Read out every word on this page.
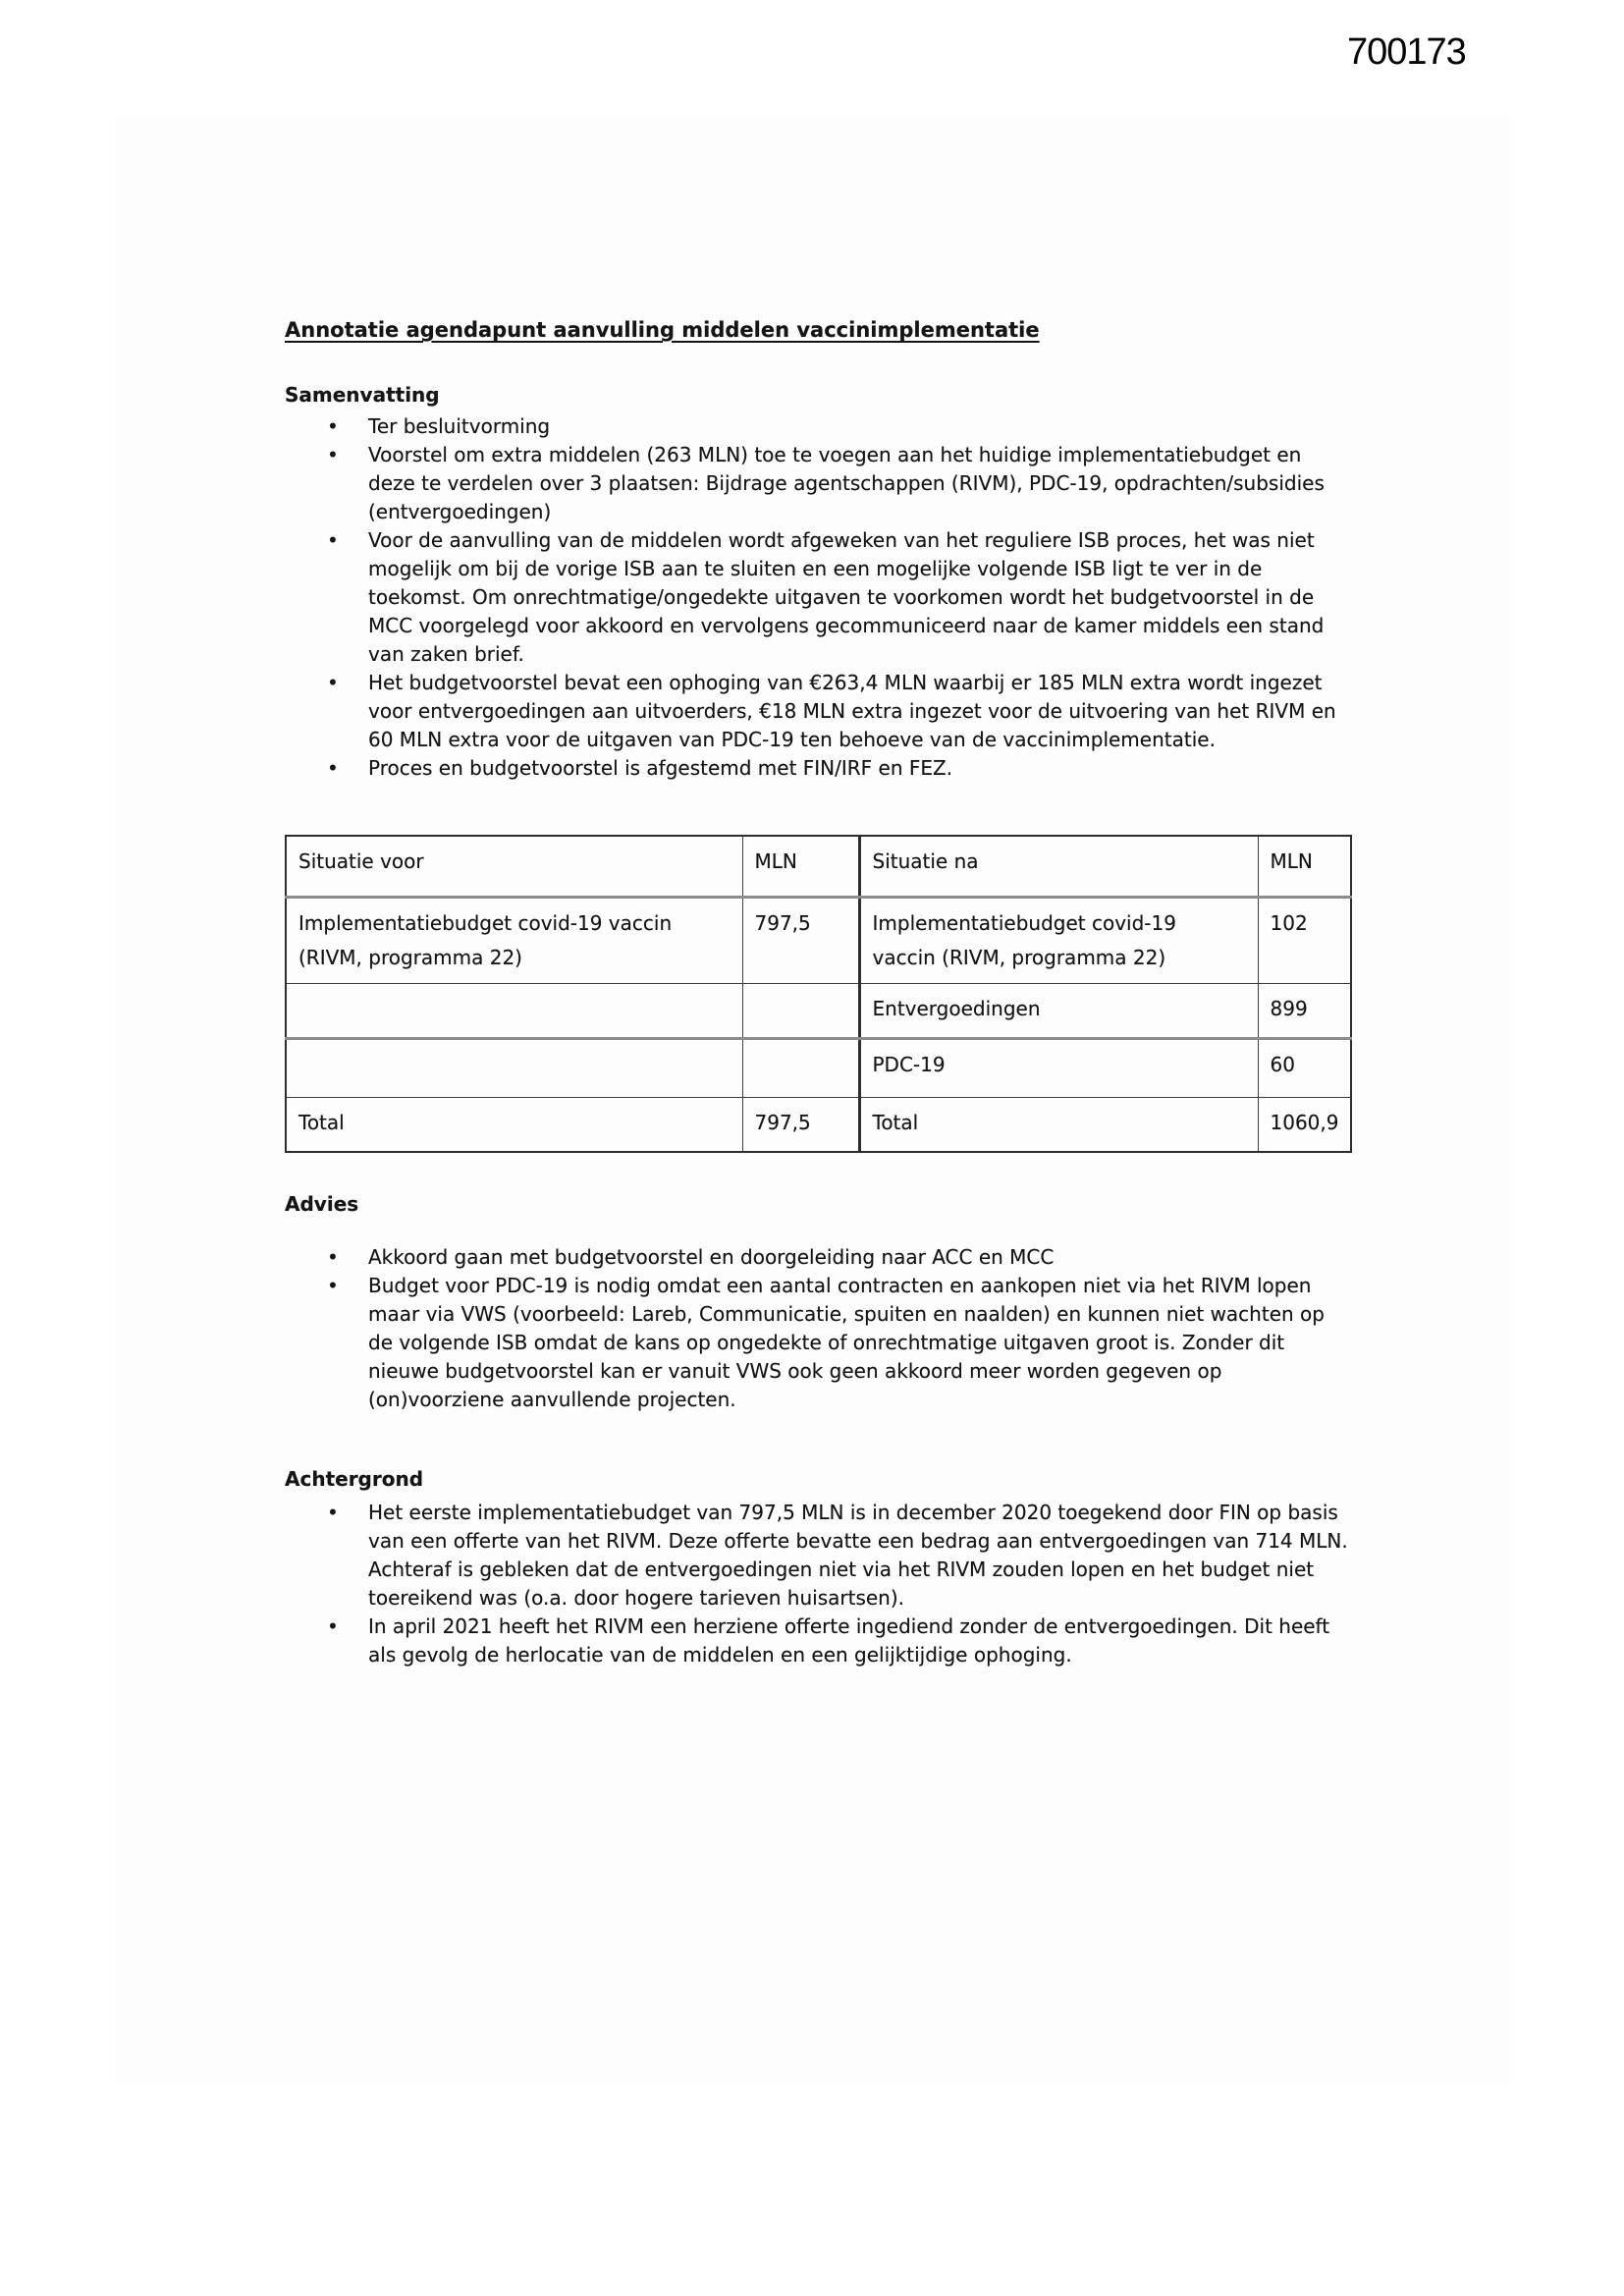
700173
Annotatie agendapunt aanvulling middelen vaccinimplementatie
Samenvatting
• Ter besluitvorming
• Voorstel om extra middelen (263 MLN) toe te voegen aan het huidige implementatiebudget en deze te verdelen over 3 plaatsen: Bijdrage agentschappen (RIVM), PDC-19, opdrachten/subsidies (entvergoedingen)
• Voor de aanvulling van de middelen wordt afgeweken van het reguliere ISB proces, het was niet mogelijk om bij de vorige ISB aan te sluiten en een mogelijke volgende ISB ligt te ver in de toekomst. Om onrechtmatige/ongedekte uitgaven te voorkomen wordt het budgetvoorstel in de MCC voorgelegd voor akkoord en vervolgens gecommuniceerd naar de kamer middels een stand van zaken brief.
• Het budgetvoorstel bevat een ophoging van €263,4 MLN waarbij er 185 MLN extra wordt ingezet voor entvergoedingen aan uitvoerders, €18 MLN extra ingezet voor de uitvoering van het RIVM en 60 MLN extra voor de uitgaven van PDC-19 ten behoeve van de vaccinimplementatie.
• Proces en budgetvoorstel is afgestemd met FIN/IRF en FEZ.
Situatie voor	MLN	Situatie na	MLN
Implementatiebudget covid-19 vaccin (RIVM, programma 22)	797,5	Implementatiebudget covid-19 vaccin (RIVM, programma 22)	102
		Entvergoedingen	899
		PDC-19	60
Total	797,5	Total	1060,9
Advies
• Akkoord gaan met budgetvoorstel en doorgeleiding naar ACC en MCC
• Budget voor PDC-19 is nodig omdat een aantal contracten en aankopen niet via het RIVM lopen maar via VWS (voorbeeld: Lareb, Communicatie, spuiten en naalden) en kunnen niet wachten op de volgende ISB omdat de kans op ongedekte of onrechtmatige uitgaven groot is. Zonder dit nieuwe budgetvoorstel kan er vanuit VWS ook geen akkoord meer worden gegeven op (on)voorziene aanvullende projecten.
Achtergrond
• Het eerste implementatiebudget van 797,5 MLN is in december 2020 toegekend door FIN op basis van een offerte van het RIVM. Deze offerte bevatte een bedrag aan entvergoedingen van 714 MLN. Achteraf is gebleken dat de entvergoedingen niet via het RIVM zouden lopen en het budget niet toereikend was (o.a. door hogere tarieven huisartsen).
• In april 2021 heeft het RIVM een herziene offerte ingediend zonder de entvergoedingen. Dit heeft als gevolg de herlocatie van de middelen en een gelijktijdige ophoging.
